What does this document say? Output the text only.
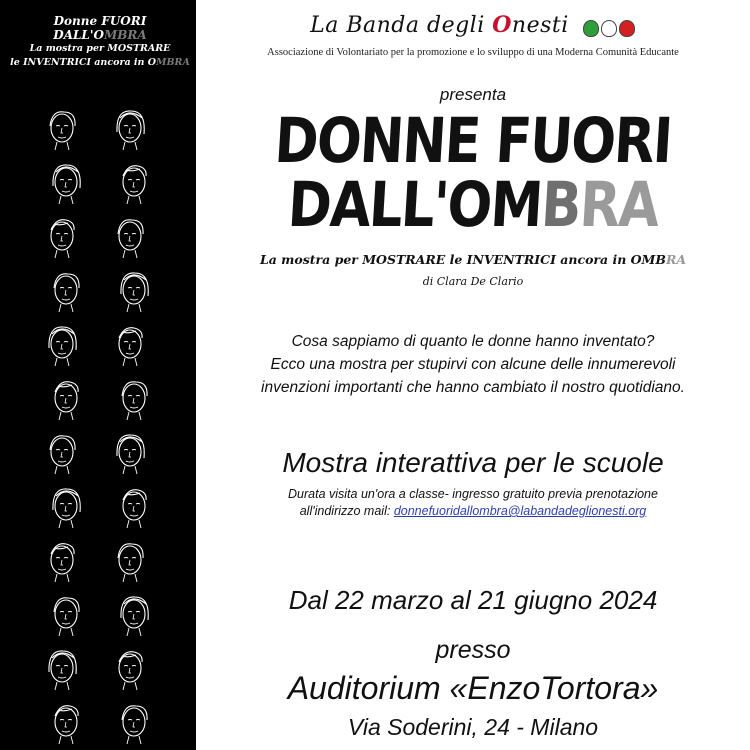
Donne FUORI DALL'OMBRA
La mostra per MOSTRARE
le INVENTRICI ancora in OMBRA
La Banda degli Onesti
Associazione di Volontariato per la promozione e lo sviluppo di una Moderna Comunità Educante
presenta
DONNE FUORI
DALL'OMBRA
La mostra per MOSTRARE le INVENTRICI ancora in OMBRA
di Clara De Clario
Cosa sappiamo di quanto le donne hanno inventato?
Ecco una mostra per stupirvi con alcune delle innumerevoli
invenzioni importanti che hanno cambiato il nostro quotidiano.
Mostra interattiva per le scuole
Durata visita un'ora a classe- ingresso gratuito previa prenotazione
all'indirizzo mail: donnefuoridallombra@labandadeglionesti.org
Dal 22 marzo al 21 giugno 2024
presso
Auditorium «EnzoTortora»
Via Soderini, 24 - Milano
